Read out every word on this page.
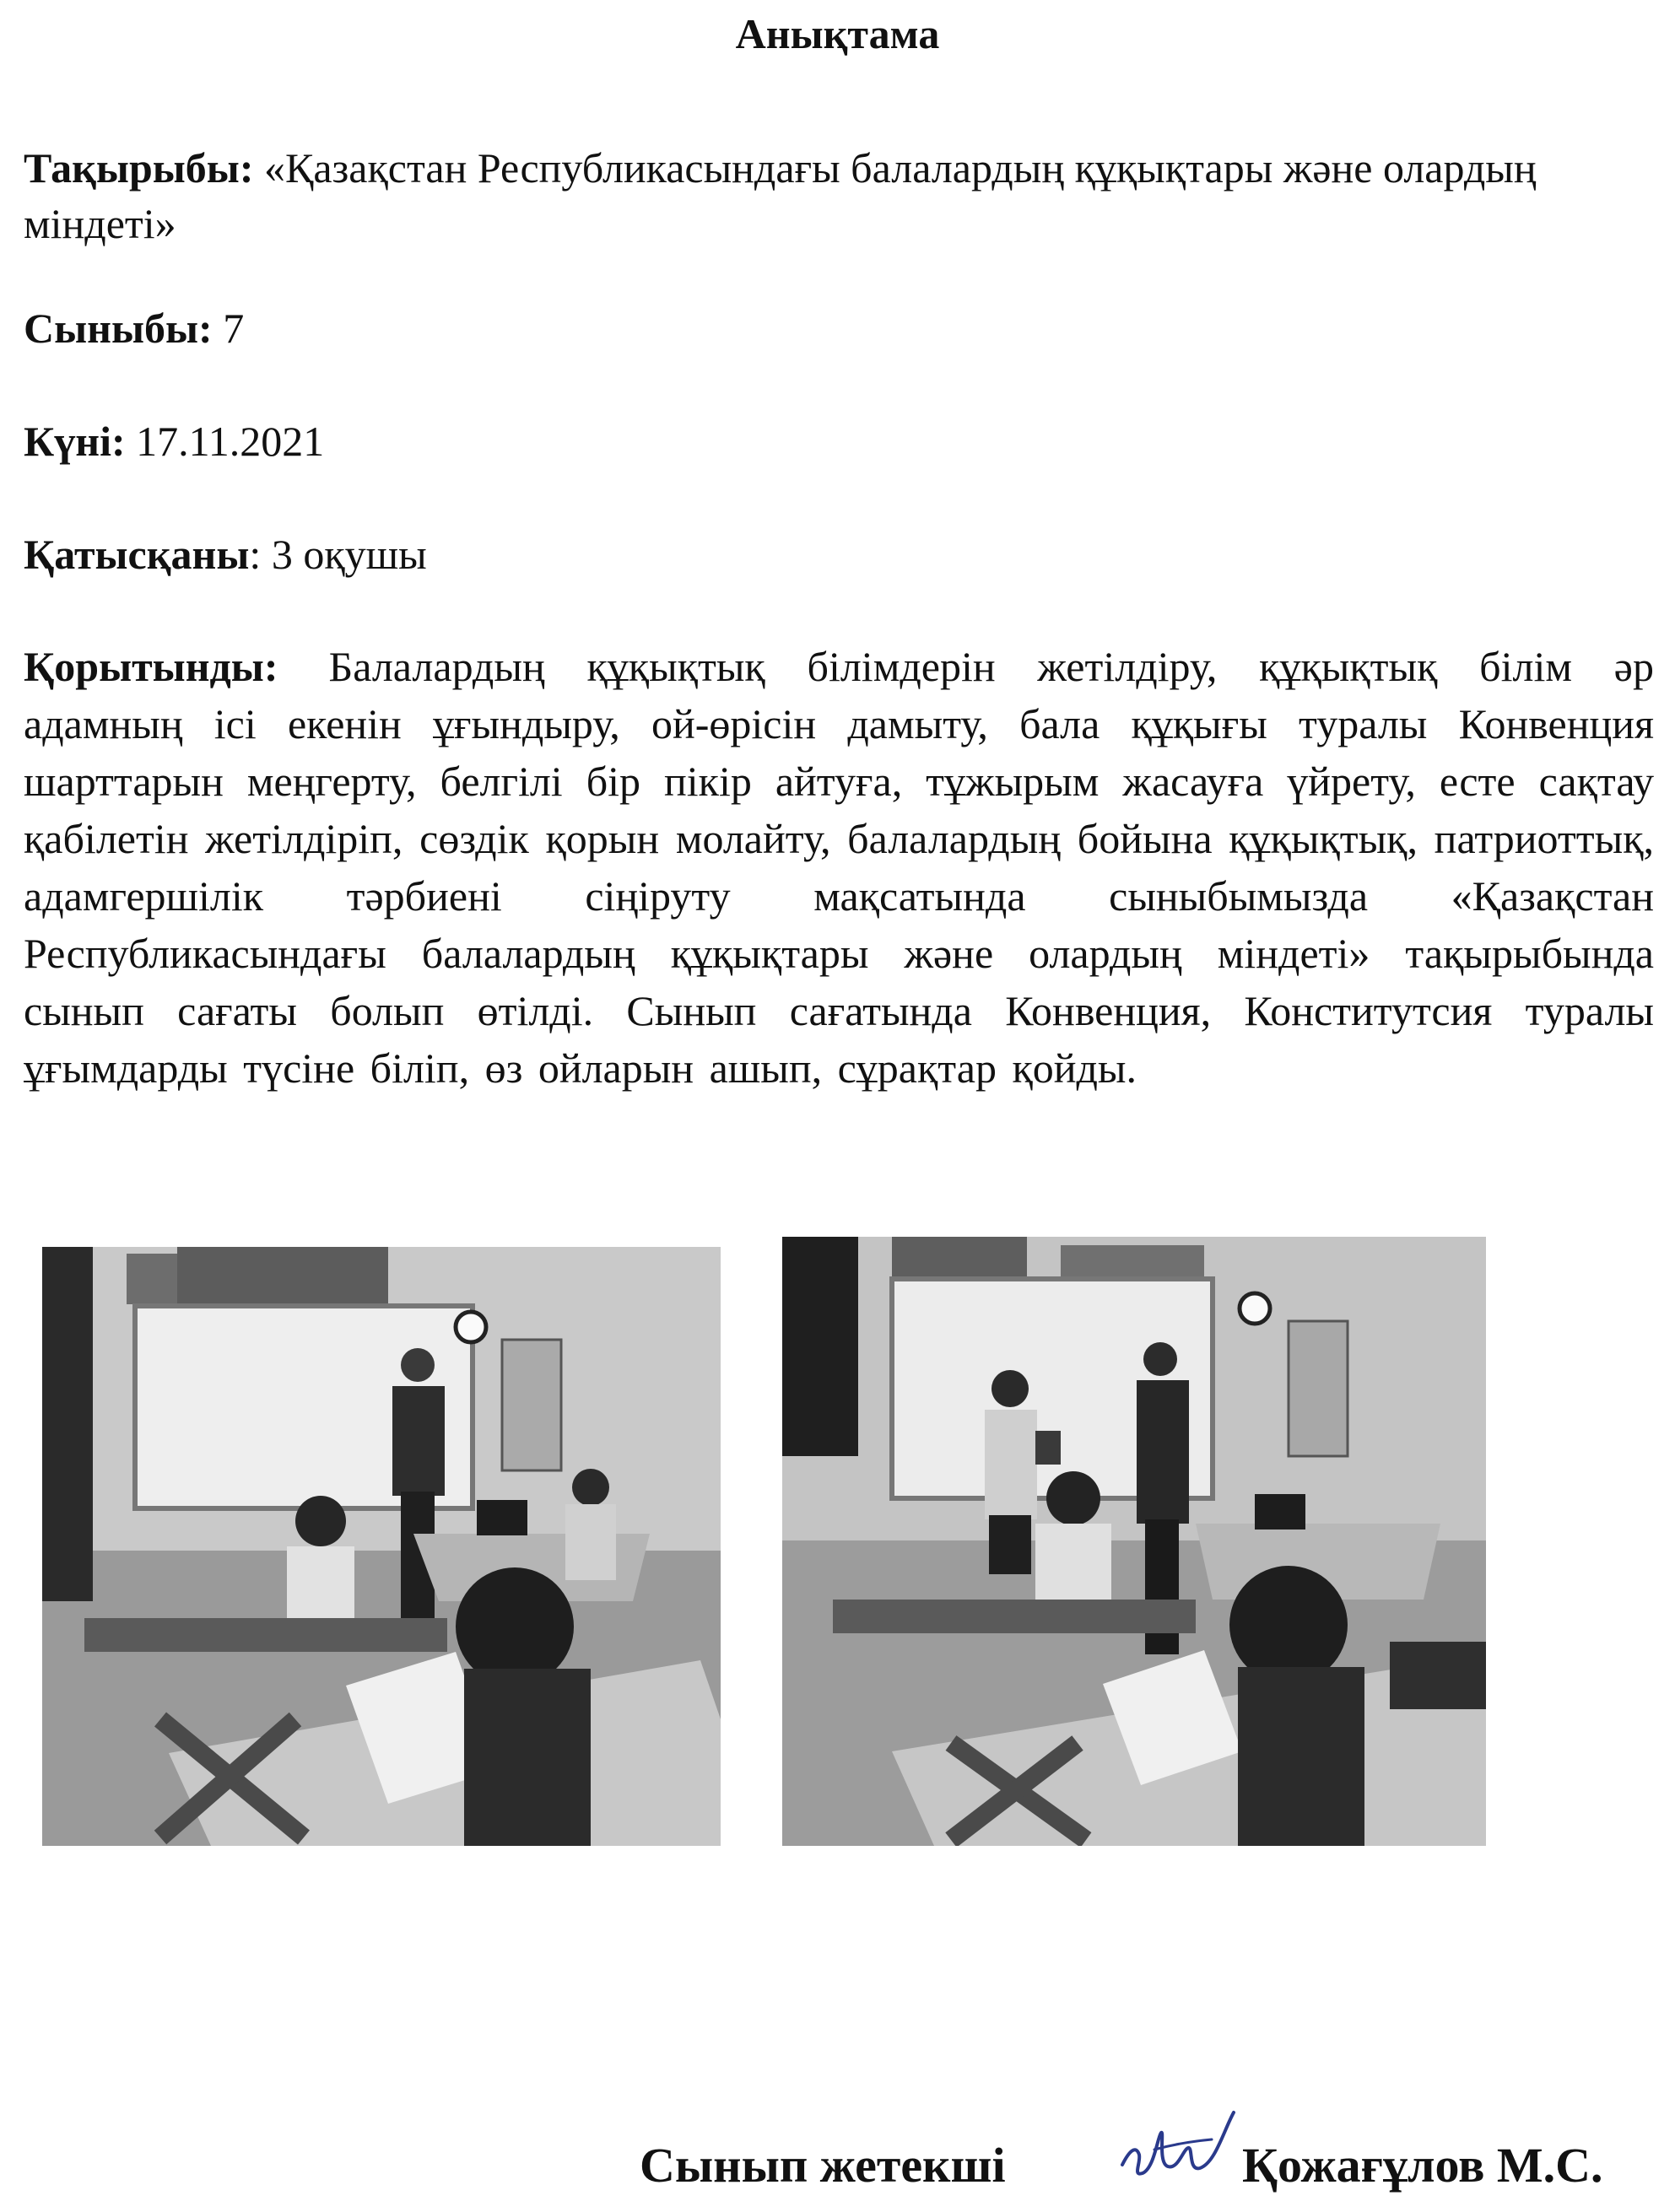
Анықтама
Тақырыбы: «Қазақстан Республикасындағы балалардың құқықтары және олардың міндеті»
Сыныбы: 7
Күні: 17.11.2021
Қатысқаны: 3 оқушы
Қорытынды: Балалардың құқықтық білімдерін жетілдіру, құқықтық білім әр адамның ісі екенін ұғындыру, ой-өрісін дамыту, бала құқығы туралы Конвенция шарттарын меңгерту, белгілі бір пікір айтуға, тұжырым жасауға үйрету, есте сақтау қабілетін жетілдіріп, сөздік қорын молайту, балалардың бойына құқықтық, патриоттық, адамгершілік тәрбиені сіңіруту мақсатында сыныбымызда «Қазақстан Республикасындағы балалардың құқықтары және олардың міндеті» тақырыбында сынып сағаты болып өтілді. Сынып сағатында Конвенция, Конститутсия туралы ұғымдарды түсіне біліп, өз ойларын ашып, сұрақтар қойды.
Сынып жетекші	Қожағұлов М.С.
